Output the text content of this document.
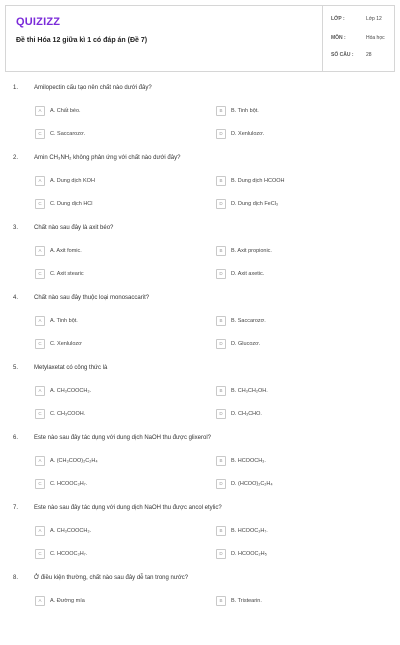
QUIZIZZ
Đề thi Hóa 12 giữa kì 1 có đáp án (Đề 7)
LỚP :	Lớp 12
MÔN :	Hóa học
SỐ CÂU :	28
1.	Amilopectin cấu tạo nên chất nào dưới đây?
A	A. Chất béo.	B	B. Tinh bột.
C	C. Saccarozơ.	D	D. Xenlulozơ.
2.	Amin CH₃NH₂ không phản ứng với chất nào dưới đây?
A	A. Dung dịch KOH	B	B. Dung dịch HCOOH
C	C. Dung dịch HCl	D	D. Dung dịch FeCl₃
3.	Chất nào sau đây là axit béo?
A	A. Axit fomic.	B	B. Axit propionic.
C	C. Axit stearic	D	D. Axit axetic.
4.	Chất nào sau đây thuộc loại monosaccarit?
A	A. Tinh bột.	B	B. Saccarozơ.
C	C. Xenlulozơ	D	D. Glucozơ.
5.	Metylaxetat có công thức là
A	A. CH₃COOCH₃.	B	B. CH₃CH₂OH.
C	C. CH₃COOH.	D	D. CH₃CHO.
6.	Este nào sau đây tác dụng với dung dịch NaOH thu được glixerol?
A	A. (CH₃COO)₂C₂H₄	B	B. HCOOCH₃.
C	C. HCOOC₃H₇.	D	D. (HCOO)₂C₂H₄
7.	Este nào sau đây tác dụng với dung dịch NaOH thu được ancol etylic?
A	A. CH₃COOCH₃.	B	B. HCOOC₃H₇.
C	C. HCOOC₃H₇.	D	D. HCOOC₂H₅
8.	Ở điều kiện thường, chất nào sau đây dễ tan trong nước?
A	A. Đường mía	B	B. Tristearin.
